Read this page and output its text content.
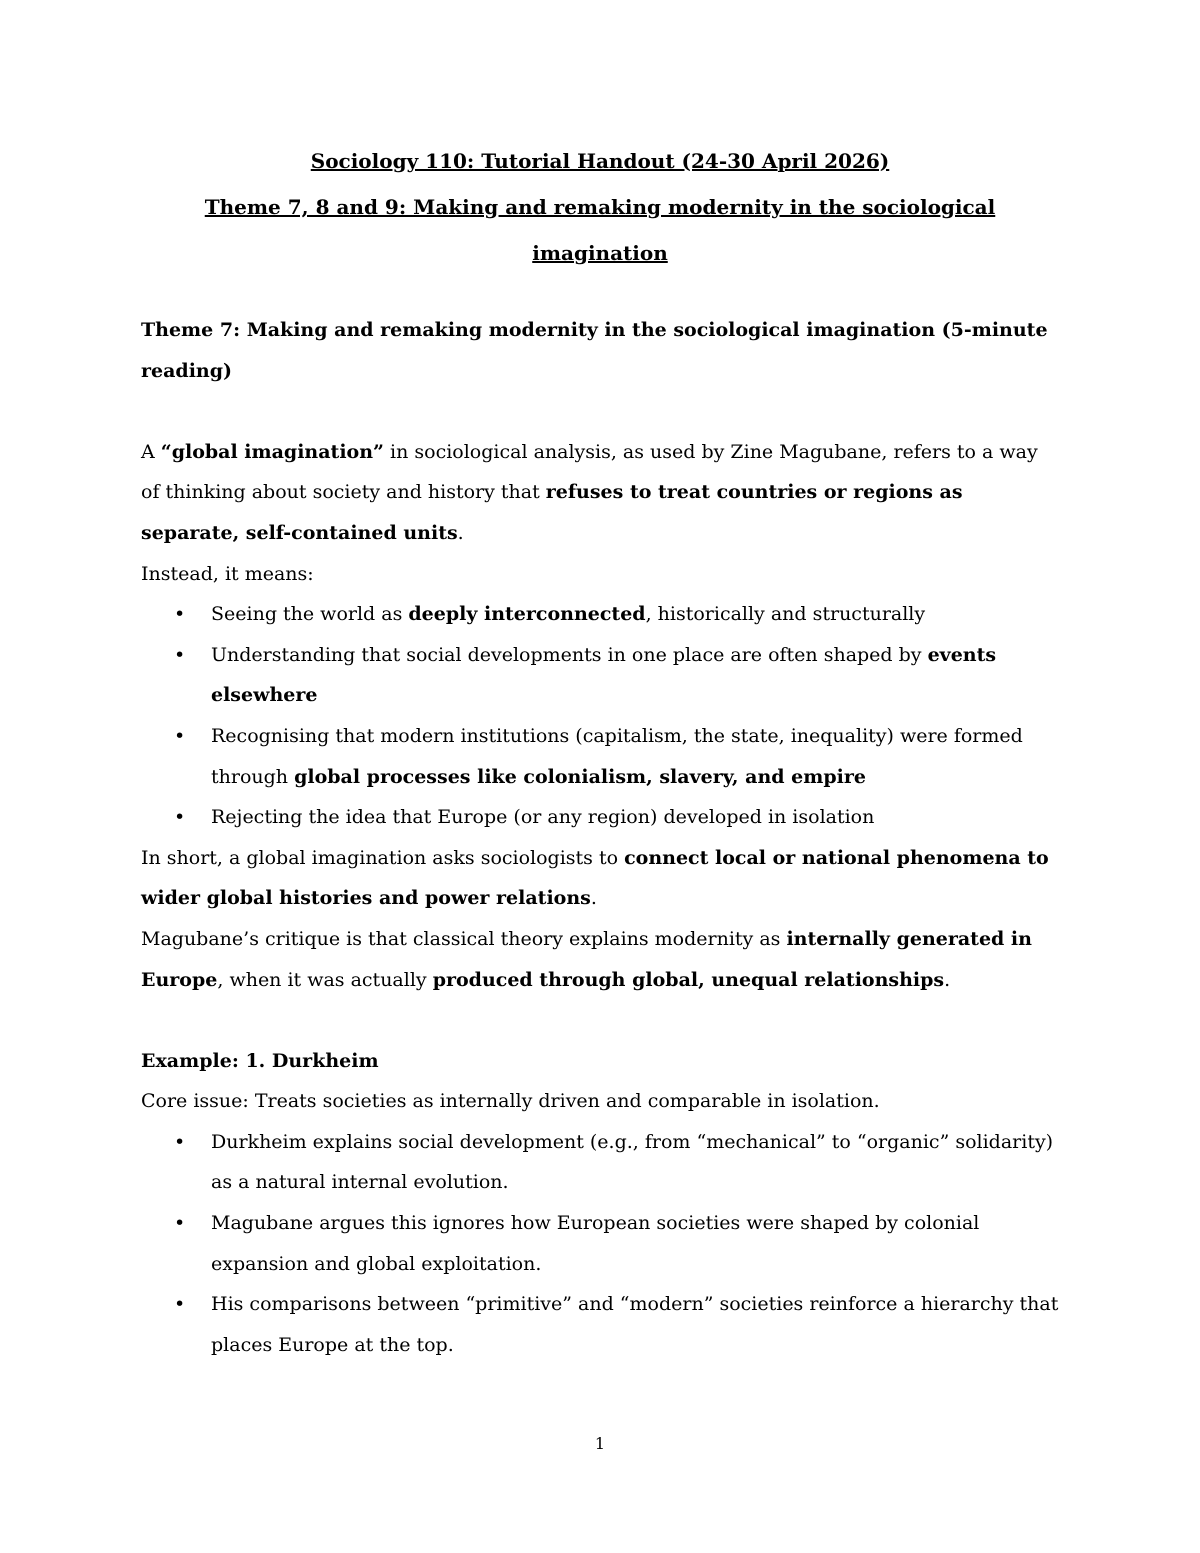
Sociology 110: Tutorial Handout (24-30 April 2026)

Theme 7, 8 and 9: Making and remaking modernity in the sociological imagination

Theme 7: Making and remaking modernity in the sociological imagination (5-minute reading)

A “global imagination” in sociological analysis, as used by Zine Magubane, refers to a way of thinking about society and history that refuses to treat countries or regions as separate, self-contained units.

Instead, it means:

• Seeing the world as deeply interconnected, historically and structurally
• Understanding that social developments in one place are often shaped by events elsewhere
• Recognising that modern institutions (capitalism, the state, inequality) were formed through global processes like colonialism, slavery, and empire
• Rejecting the idea that Europe (or any region) developed in isolation

In short, a global imagination asks sociologists to connect local or national phenomena to wider global histories and power relations.

Magubane’s critique is that classical theory explains modernity as internally generated in Europe, when it was actually produced through global, unequal relationships.

Example: 1. Durkheim

Core issue: Treats societies as internally driven and comparable in isolation.

• Durkheim explains social development (e.g., from “mechanical” to “organic” solidarity) as a natural internal evolution.
• Magubane argues this ignores how European societies were shaped by colonial expansion and global exploitation.
• His comparisons between “primitive” and “modern” societies reinforce a hierarchy that places Europe at the top.
1
